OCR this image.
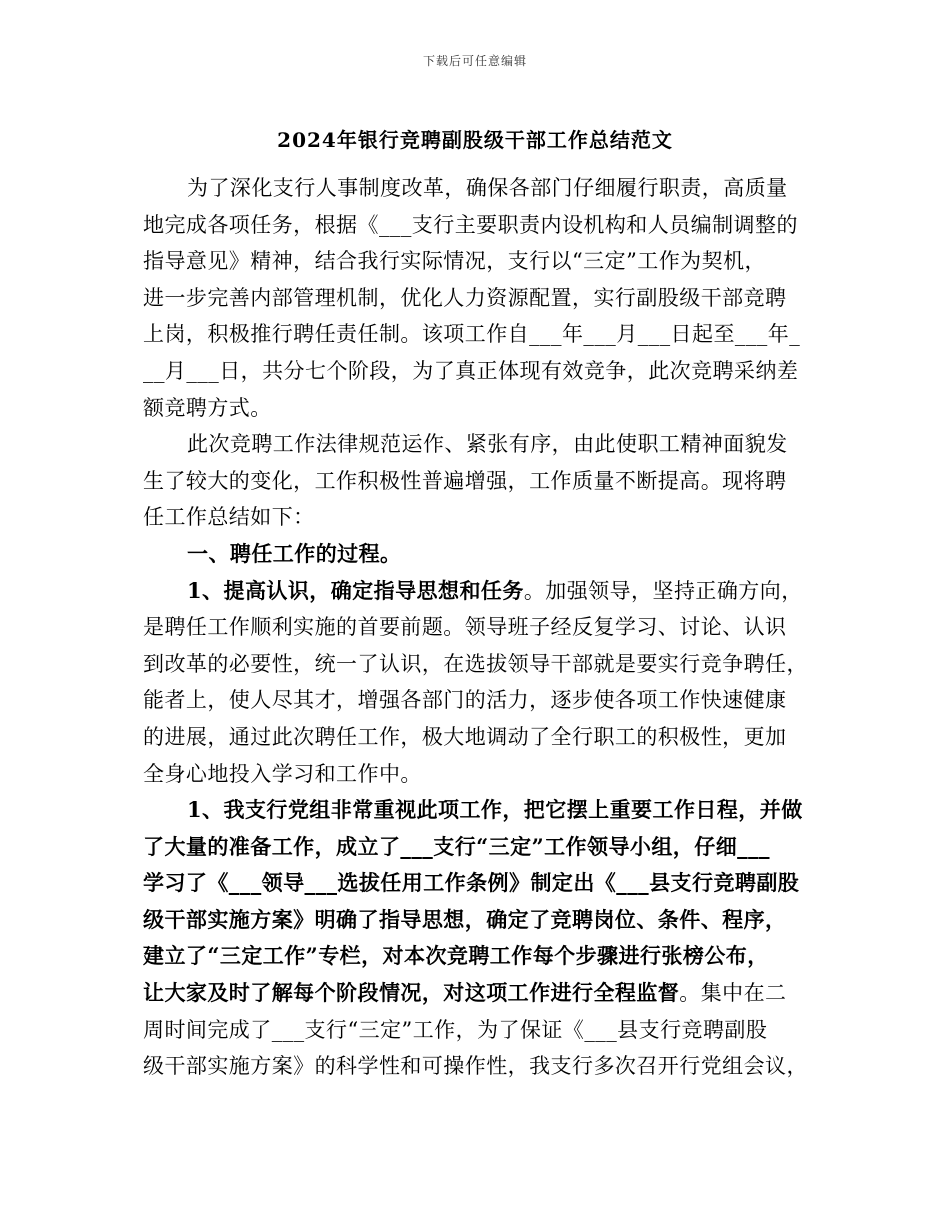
下载后可任意编辑
2024年银行竞聘副股级干部工作总结范文
为了深化支行人事制度改革，确保各部门仔细履行职责，高质量
地完成各项任务，根据《___支行主要职责内设机构和人员编制调整的
指导意见》精神，结合我行实际情况，支行以“三定”工作为契机，
进一步完善内部管理机制，优化人力资源配置，实行副股级干部竞聘
上岗，积极推行聘任责任制。该项工作自___年___月___日起至___年_
__月___日，共分七个阶段，为了真正体现有效竞争，此次竞聘采纳差
额竞聘方式。
此次竞聘工作法律规范运作、紧张有序，由此使职工精神面貌发
生了较大的变化，工作积极性普遍增强，工作质量不断提高。现将聘
任工作总结如下：
一、聘任工作的过程。
1、提高认识，确定指导思想和任务。加强领导，坚持正确方向，
是聘任工作顺利实施的首要前题。领导班子经反复学习、讨论、认识
到改革的必要性，统一了认识，在选拔领导干部就是要实行竞争聘任，
能者上，使人尽其才，增强各部门的活力，逐步使各项工作快速健康
的进展，通过此次聘任工作，极大地调动了全行职工的积极性，更加
全身心地投入学习和工作中。
1、我支行党组非常重视此项工作，把它摆上重要工作日程，并做
了大量的准备工作，成立了___支行“三定”工作领导小组，仔细___
学习了《___领导___选拔任用工作条例》制定出《___县支行竞聘副股
级干部实施方案》明确了指导思想，确定了竞聘岗位、条件、程序，
建立了“三定工作”专栏，对本次竞聘工作每个步骤进行张榜公布，
让大家及时了解每个阶段情况，对这项工作进行全程监督。集中在二
周时间完成了___支行“三定”工作，为了保证《___县支行竞聘副股
级干部实施方案》的科学性和可操作性，我支行多次召开行党组会议，
